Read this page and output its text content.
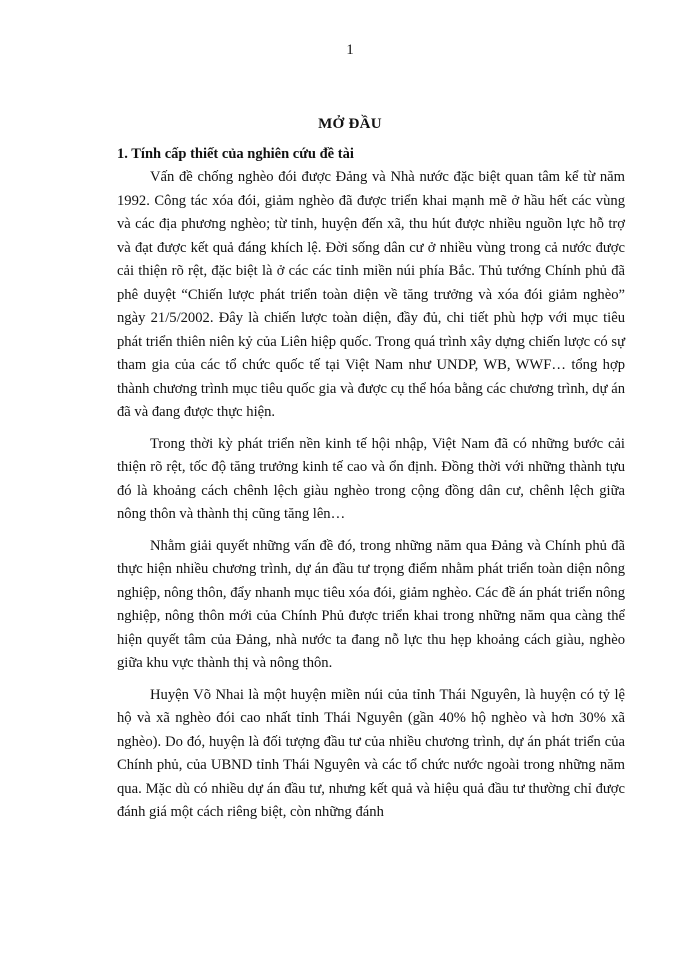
1
MỞ ĐẦU
1. Tính cấp thiết của nghiên cứu đề tài

Vấn đề chống nghèo đói được Đảng và Nhà nước đặc biệt quan tâm kể từ năm 1992. Công tác xóa đói, giảm nghèo đã được triển khai mạnh mẽ ở hầu hết các vùng và các địa phương nghèo; từ tỉnh, huyện đến xã, thu hút được nhiều nguồn lực hỗ trợ và đạt được kết quả đáng khích lệ. Đời sống dân cư ở nhiều vùng trong cả nước được cải thiện rõ rệt, đặc biệt là ở các các tỉnh miền núi phía Bắc. Thủ tướng Chính phủ đã phê duyệt “Chiến lược phát triển toàn diện về tăng trưởng và xóa đói giảm nghèo” ngày 21/5/2002. Đây là chiến lược toàn diện, đầy đủ, chi tiết phù hợp với mục tiêu phát triển thiên niên kỷ của Liên hiệp quốc. Trong quá trình xây dựng chiến lược có sự tham gia của các tổ chức quốc tế tại Việt Nam như UNDP, WB, WWF… tổng hợp thành chương trình mục tiêu quốc gia và được cụ thể hóa bằng các chương trình, dự án đã và đang được thực hiện.

Trong thời kỳ phát triển nền kinh tế hội nhập, Việt Nam đã có những bước cải thiện rõ rệt, tốc độ tăng trưởng kinh tế cao và ổn định. Đồng thời với những thành tựu đó là khoảng cách chênh lệch giàu nghèo trong cộng đồng dân cư, chênh lệch giữa nông thôn và thành thị cũng tăng lên…

Nhằm giải quyết những vấn đề đó, trong những năm qua Đảng và Chính phủ đã thực hiện nhiều chương trình, dự án đầu tư trọng điểm nhằm phát triển toàn diện nông nghiệp, nông thôn, đẩy nhanh mục tiêu xóa đói, giảm nghèo. Các đề án phát triển nông nghiệp, nông thôn mới của Chính Phủ được triển khai trong những năm qua càng thể hiện quyết tâm của Đảng, nhà nước ta đang nỗ lực thu hẹp khoảng cách giàu, nghèo giữa khu vực thành thị và nông thôn.

Huyện Võ Nhai là một huyện miền núi của tỉnh Thái Nguyên, là huyện có tỷ lệ hộ và xã nghèo đói cao nhất tỉnh Thái Nguyên (gần 40% hộ nghèo và hơn 30% xã nghèo). Do đó, huyện là đối tượng đầu tư của nhiều chương trình, dự án phát triển của Chính phủ, của UBND tỉnh Thái Nguyên và các tổ chức nước ngoài trong những năm qua. Mặc dù có nhiều dự án đầu tư, nhưng kết quả và hiệu quả đầu tư thường chỉ được đánh giá một cách riêng biệt, còn những đánh
